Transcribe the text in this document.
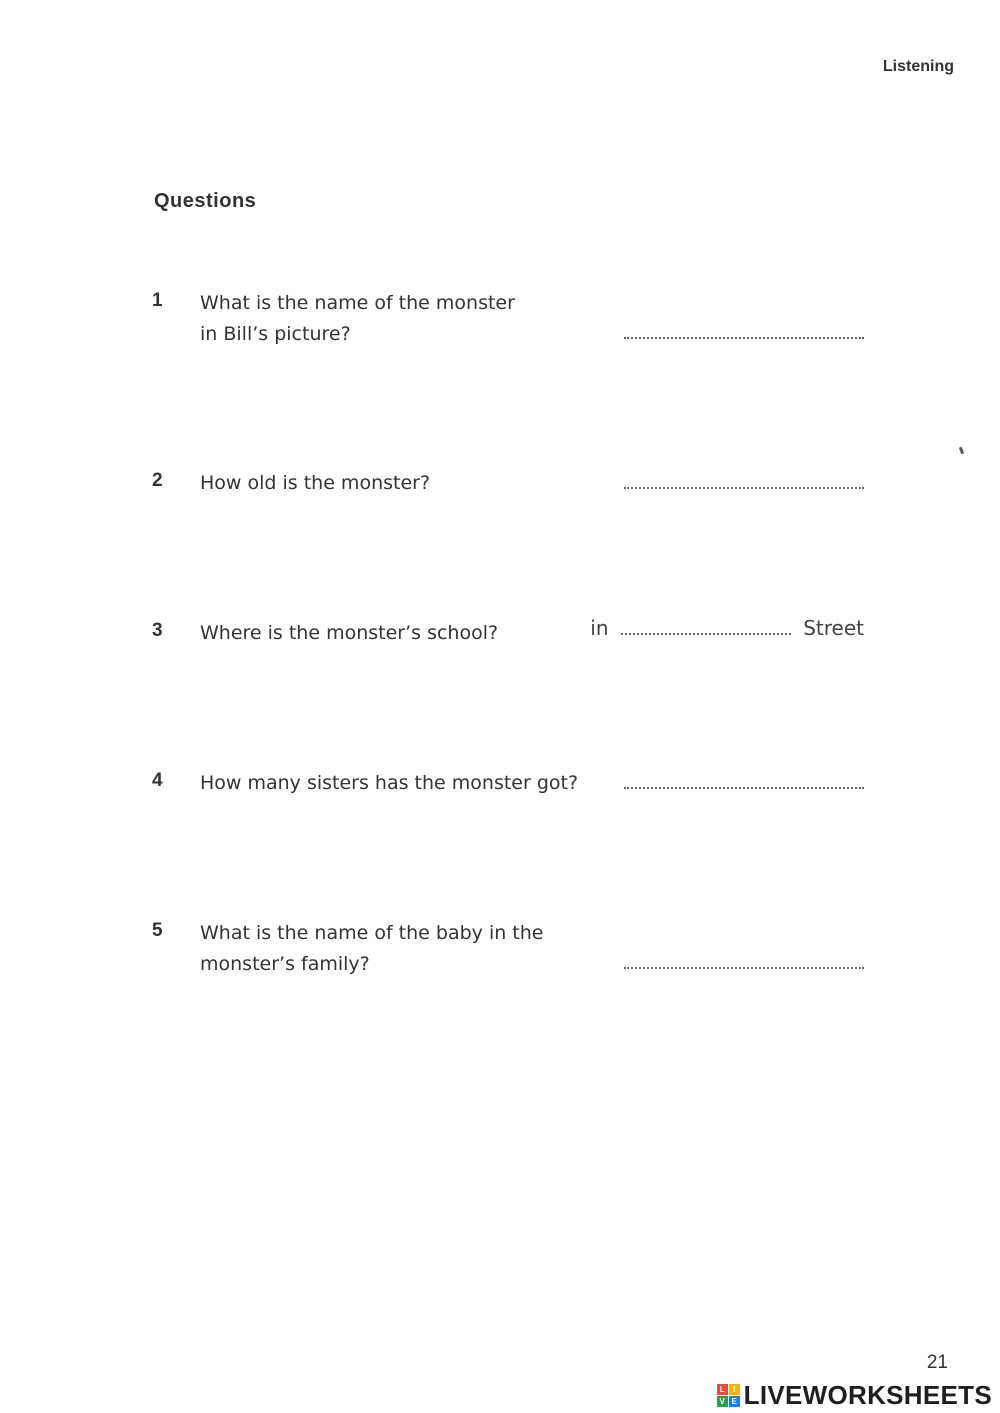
Listening
Questions
1 What is the name of the monster
in Bill’s picture?
2 How old is the monster?
3 Where is the monster’s school?	in	Street
4 How many sisters has the monster got?
5 What is the name of the baby in the
monster’s family?
21
L	I
V E LIVEWORKSHEETS
